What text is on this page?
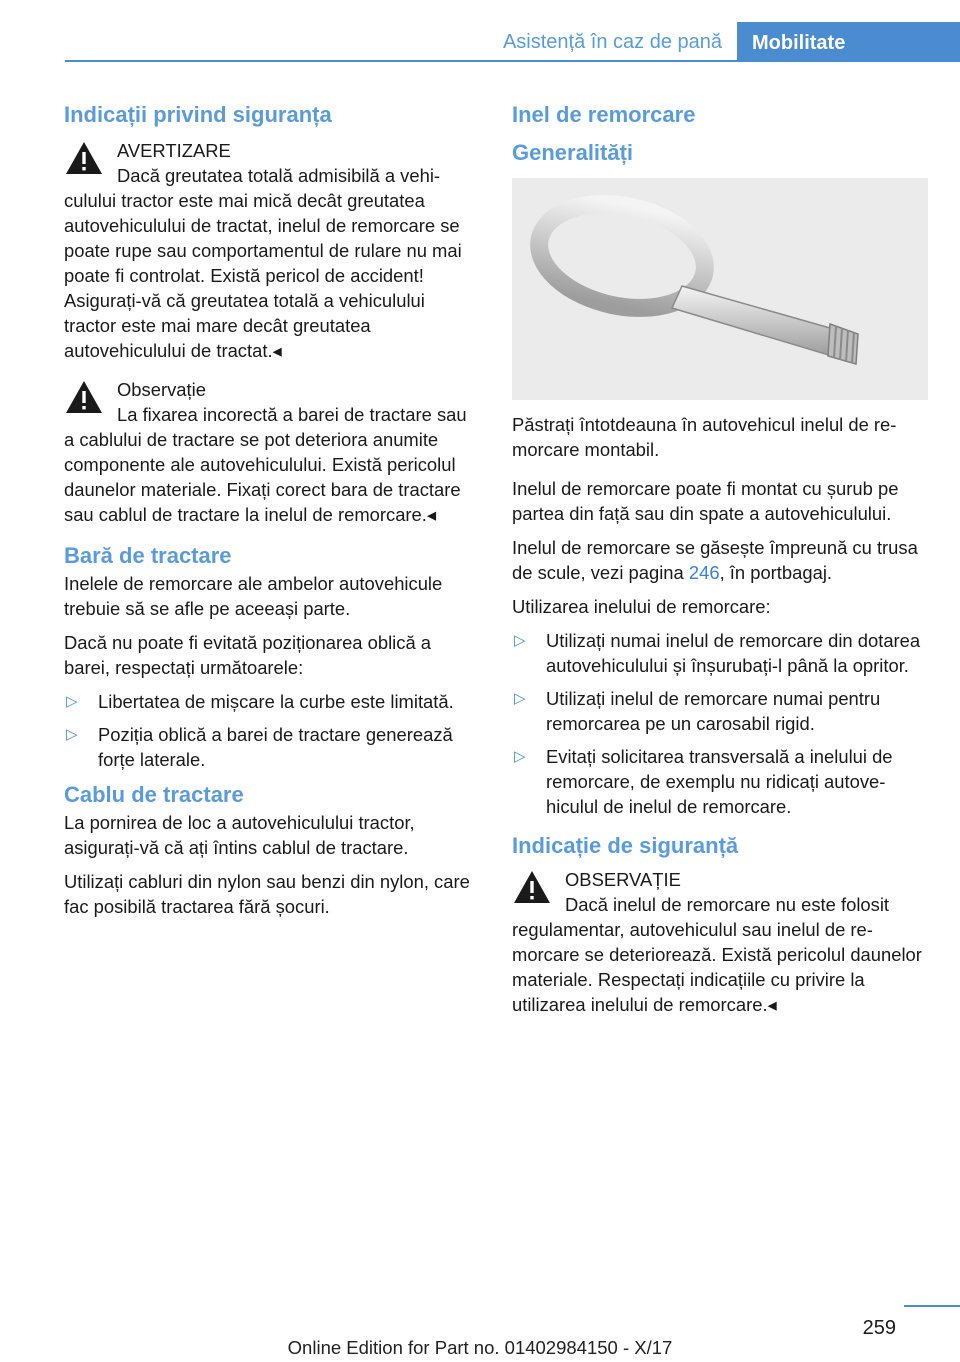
Asistență în caz de pană	Mobilitate
Indicații privind siguranța

AVERTIZARE

Dacă greutatea totală admisibilă a vehiculului tractor este mai mică decât greutatea autovehiculului de tractat, inelul de remorcare se poate rupe sau comportamentul de rulare nu mai poate fi controlat. Există pericol de accident! Asigurați-vă că greutatea totală a vehiculului tractor este mai mare decât greutatea autovehiculului de tractat.◂

Observație

La fixarea incorectă a barei de tractare sau a cablului de tractare se pot deteriora anumite componente ale autovehiculului. Există pericolul daunelor materiale. Fixați corect bara de tractare sau cablul de tractare la inelul de remorcare.◂

Bară de tractare

Inelele de remorcare ale ambelor autovehicule trebuie să se afle pe aceeași parte.

Dacă nu poate fi evitată poziționarea oblică a barei, respectați următoarele:

▷ Libertatea de mișcare la curbe este limitată.
▷ Poziția oblică a barei de tractare generează forțe laterale.
Cablu de tractare

La pornirea de loc a autovehiculului tractor, asigurați-vă că ați întins cablul de tractare.

Utilizați cabluri din nylon sau benzi din nylon, care fac posibilă tractarea fără șocuri.

Inel de remorcare
Generalități

Păstrați întotdeauna în autovehicul inelul de remorcare montabil.

Inelul de remorcare poate fi montat cu șurub pe partea din față sau din spate a autovehiculului.

Inelul de remorcare se găsește împreună cu trusa de scule, vezi pagina 246, în portbagaj.

Utilizarea inelului de remorcare:

▷ Utilizați numai inelul de remorcare din dotarea autovehiculului și înșurubați-l până la opritor.
▷ Utilizați inelul de remorcare numai pentru remorcarea pe un carosabil rigid.
▷ Evitați solicitarea transversală a inelului de remorcare, de exemplu nu ridicați autovehiculul de inelul de remorcare.
Indicație de siguranță

OBSERVAȚIE

Dacă inelul de remorcare nu este folosit regulamentar, autovehiculul sau inelul de remorcare se deteriorează. Există pericolul daunelor materiale. Respectați indicațiile cu privire la utilizarea inelului de remorcare.◂

259
Online Edition for Part no. 01402984150 - X/17
